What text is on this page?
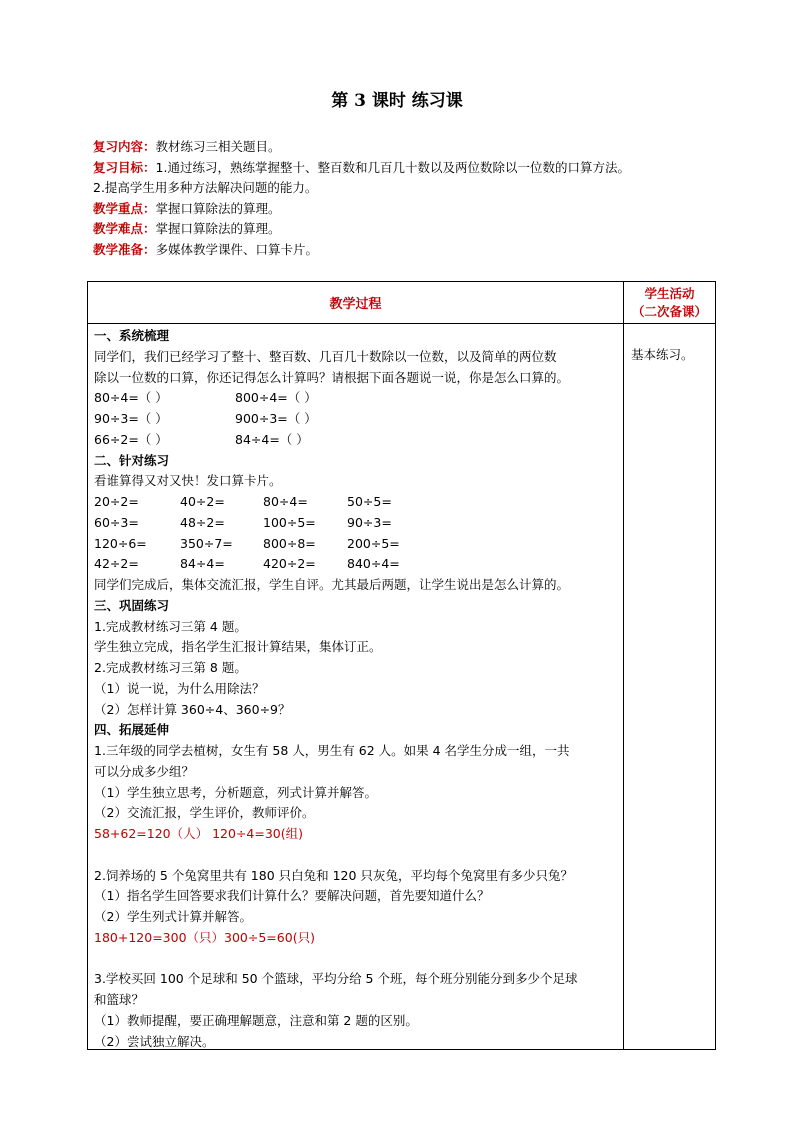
第 3 课时 练习课
复习内容：教材练习三相关题目。
复习目标：1.通过练习，熟练掌握整十、整百数和几百几十数以及两位数除以一位数的口算方法。
2.提高学生用多种方法解决问题的能力。
教学重点：掌握口算除法的算理。
教学难点：掌握口算除法的算理。
教学准备：多媒体教学课件、口算卡片。
教学过程
学生活动
（二次备课）
基本练习。
一、系统梳理
同学们，我们已经学习了整十、整百数、几百几十数除以一位数，以及简单的两位数
除以一位数的口算，你还记得怎么计算吗？请根据下面各题说一说，你是怎么口算的。
80÷4=（ ）	800÷4=（ ）
90÷3=（ ）	900÷3=（ ）
66÷2=（ ）	84÷4=（ ）
二、针对练习
看谁算得又对又快！发口算卡片。
20÷2=	40÷2=	80÷4=	50÷5=
60÷3=	48÷2=	100÷5= 90÷3=
120÷6=	350÷7= 800÷8= 200÷5=
42÷2=	84÷4=	420÷2= 840÷4=
同学们完成后，集体交流汇报，学生自评。尤其最后两题，让学生说出是怎么计算的。
三、巩固练习
1.完成教材练习三第 4 题。
学生独立完成，指名学生汇报计算结果，集体订正。
2.完成教材练习三第 8 题。
（1）说一说，为什么用除法？
（2）怎样计算 360÷4、360÷9？
四、拓展延伸
1.三年级的同学去植树，女生有 58 人，男生有 62 人。如果 4 名学生分成一组，一共
可以分成多少组？
（1）学生独立思考，分析题意，列式计算并解答。
（2）交流汇报，学生评价，教师评价。
58+62=120（人） 120÷4=30(组)
2.饲养场的 5 个兔窝里共有 180 只白兔和 120 只灰兔，平均每个兔窝里有多少只兔？
（1）指名学生回答要求我们计算什么？要解决问题，首先要知道什么？
（2）学生列式计算并解答。
180+120=300（只）300÷5=60(只)
3.学校买回 100 个足球和 50 个篮球，平均分给 5 个班，每个班分别能分到多少个足球
和篮球？
（1）教师提醒，要正确理解题意，注意和第 2 题的区别。
（2）尝试独立解决。
